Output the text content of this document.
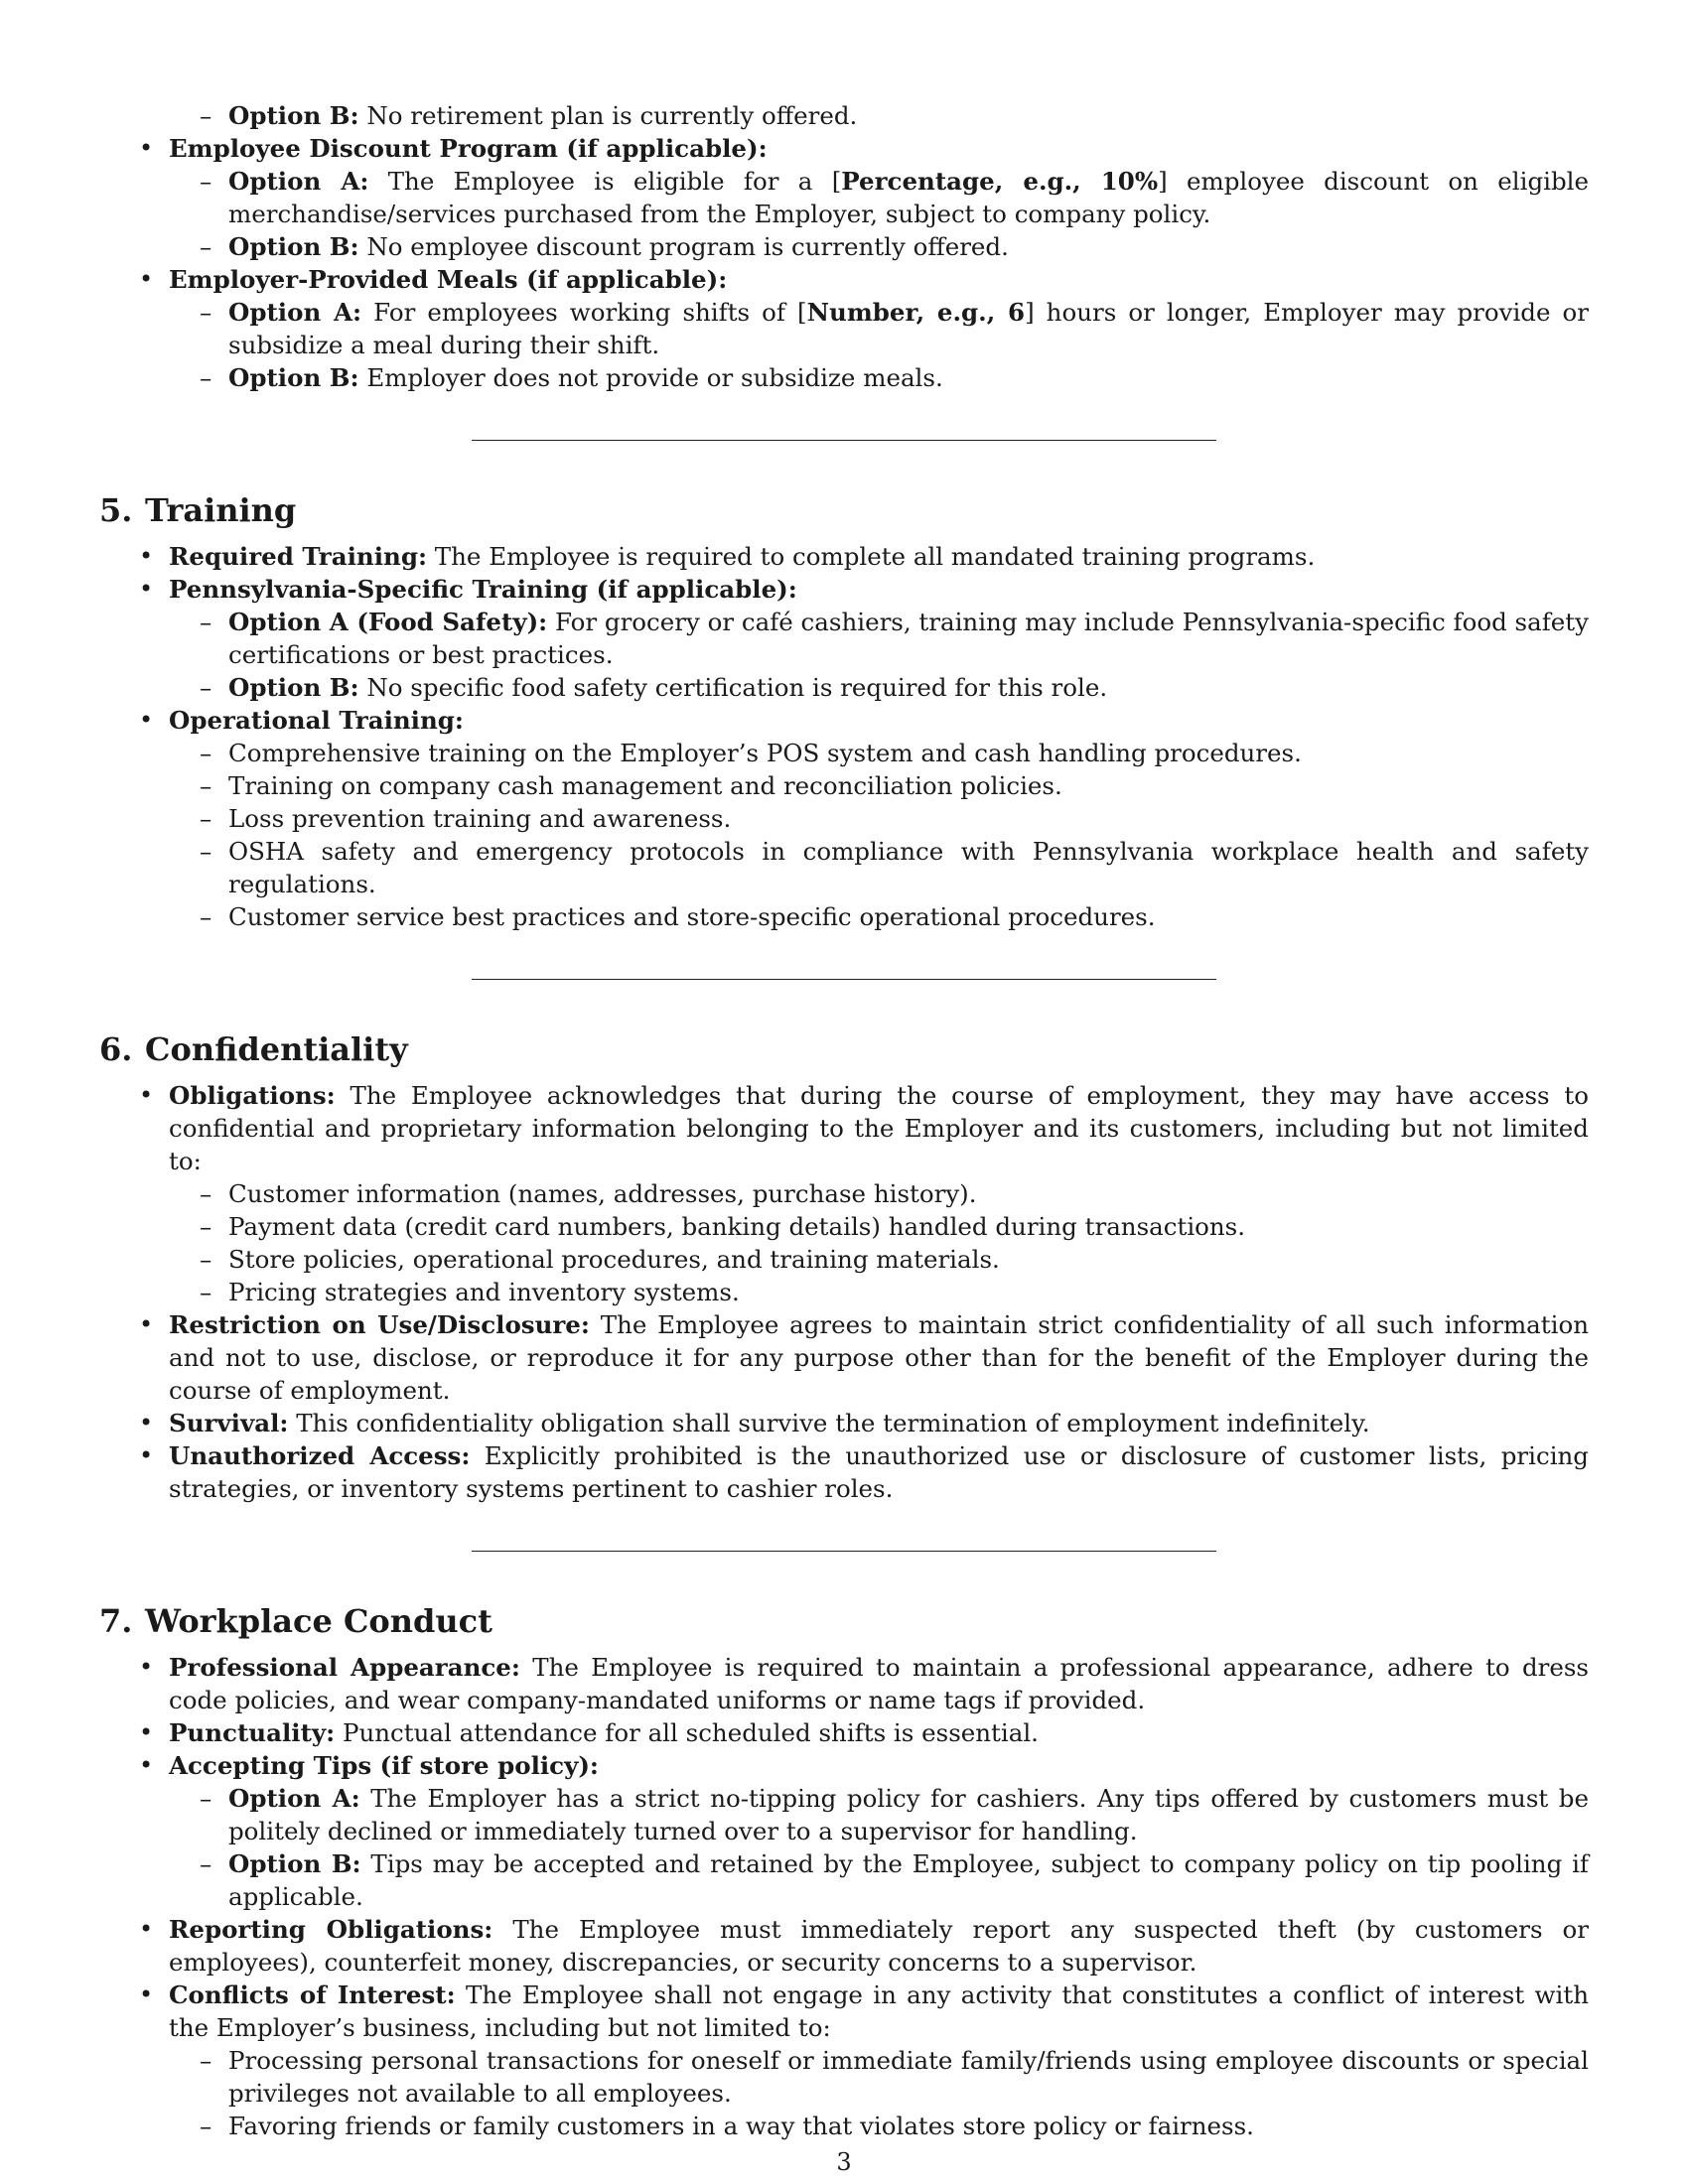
– Option B: No retirement plan is currently offered.
• Employee Discount Program (if applicable):
– Option A: The Employee is eligible for a [Percentage, e.g., 10%] employee discount on eligible merchandise/services purchased from the Employer, subject to company policy.
– Option B: No employee discount program is currently offered.
• Employer-Provided Meals (if applicable):
– Option A: For employees working shifts of [Number, e.g., 6] hours or longer, Employer may provide or subsidize a meal during their shift.
– Option B: Employer does not provide or subsidize meals.
5. Training
• Required Training: The Employee is required to complete all mandated training programs.
• Pennsylvania-Specific Training (if applicable):
– Option A (Food Safety): For grocery or café cashiers, training may include Pennsylvania-specific food safety certifications or best practices.
– Option B: No specific food safety certification is required for this role.
• Operational Training:
– Comprehensive training on the Employer’s POS system and cash handling procedures.
– Training on company cash management and reconciliation policies.
– Loss prevention training and awareness.
– OSHA safety and emergency protocols in compliance with Pennsylvania workplace health and safety regulations.
– Customer service best practices and store-specific operational procedures.
6. Confidentiality
• Obligations: The Employee acknowledges that during the course of employment, they may have access to confidential and proprietary information belonging to the Employer and its customers, including but not limited to:
– Customer information (names, addresses, purchase history).
– Payment data (credit card numbers, banking details) handled during transactions.
– Store policies, operational procedures, and training materials.
– Pricing strategies and inventory systems.
• Restriction on Use/Disclosure: The Employee agrees to maintain strict confidentiality of all such information and not to use, disclose, or reproduce it for any purpose other than for the benefit of the Employer during the course of employment.
• Survival: This confidentiality obligation shall survive the termination of employment indefinitely.
• Unauthorized Access: Explicitly prohibited is the unauthorized use or disclosure of customer lists, pricing strategies, or inventory systems pertinent to cashier roles.
7. Workplace Conduct
• Professional Appearance: The Employee is required to maintain a professional appearance, adhere to dress code policies, and wear company-mandated uniforms or name tags if provided.
• Punctuality: Punctual attendance for all scheduled shifts is essential.
• Accepting Tips (if store policy):
– Option A: The Employer has a strict no-tipping policy for cashiers. Any tips offered by customers must be politely declined or immediately turned over to a supervisor for handling.
– Option B: Tips may be accepted and retained by the Employee, subject to company policy on tip pooling if applicable.
• Reporting Obligations: The Employee must immediately report any suspected theft (by customers or employees), counterfeit money, discrepancies, or security concerns to a supervisor.
• Conflicts of Interest: The Employee shall not engage in any activity that constitutes a conflict of interest with the Employer’s business, including but not limited to:
– Processing personal transactions for oneself or immediate family/friends using employee discounts or special privileges not available to all employees.
– Favoring friends or family customers in a way that violates store policy or fairness.
3
